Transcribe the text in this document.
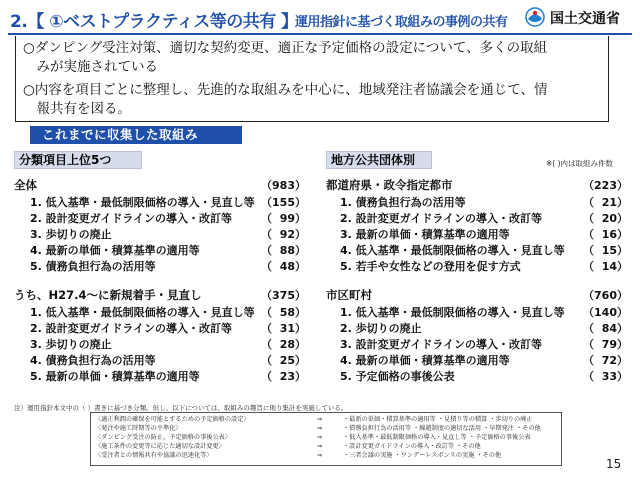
2.【 ①ベストプラクティス等の共有 】
運用指針に基づく取組みの事例の共有	国土交通省
○ダンピング受注対策、適切な契約変更、適正な予定価格の設定について、多くの取組
　みが実施されている
○内容を項目ごとに整理し、先進的な取組みを中心に、地域発注者協議会を通じて、情
　報共有を図る。
これまでに収集した取組み
分類項目上位5つ	地方公共団体別	※( )内は取組み件数
全体	（983）
1. 低入基準・最低制限価格の導入・見直し等 （155）
2. 設計変更ガイドラインの導入・改訂等	（  99）
3. 歩切りの廃止	（  92）
4. 最新の単価・積算基準の適用等	（  88）
5. 債務負担行為の活用等	（  48）
うち、H27.4～に新規着手・見直し	（375）
1. 低入基準・最低制限価格の導入・見直し等 （  58）
2. 設計変更ガイドラインの導入・改訂等	（  31）
3. 歩切りの廃止	（  28）
4. 債務負担行為の活用等	（  25）
5. 最新の単価・積算基準の適用等	（  23）
都道府県・政令指定都市	（223）
1. 債務負担行為の活用等	（  21）
2. 設計変更ガイドラインの導入・改訂等	（  20）
3. 最新の単価・積算基準の適用等	（  16）
4. 低入基準・最低制限価格の導入・見直し等	（  15）
5. 若手や女性などの登用を促す方式	（  14）
市区町村	（760）
1. 低入基準・最低制限価格の導入・見直し等	（140）
2. 歩切りの廃止	（  84）
3. 設計変更ガイドラインの導入・改訂等	（  79）
4. 最新の単価・積算基準の適用等	（  72）
5. 予定価格の事後公表	（  33）
注）運用指針本文中の（ ）書きに基づき分類。但し、以下については、取組みの趣旨に則り集計を実施している。
〈適正利潤の確保を可能とするための予定価格の設定〉	⇒	・最新の単価・積算基準の適用等 ・見積り等の積算 ・歩切りの廃止
〈発注や施工時期等の平準化〉	⇒	・債務負担行為の活用等 ・繰越制度の適切な活用 ・早期発注 ・その他
〈ダンピング受注の防止、予定価格の事後公表〉	⇒	・低入基準・最低制限価格の導入・見直し等 ・予定価格の事後公表
〈施工条件の変更等に応じた適切な設計変更〉	⇒	・設計変更ガイドラインの導入・改訂等 ・その他
〈受注者との情報共有や協議の迅速化等〉	⇒	・三者会議の実施 ・ワンデーレスポンスの実施 ・その他
15
